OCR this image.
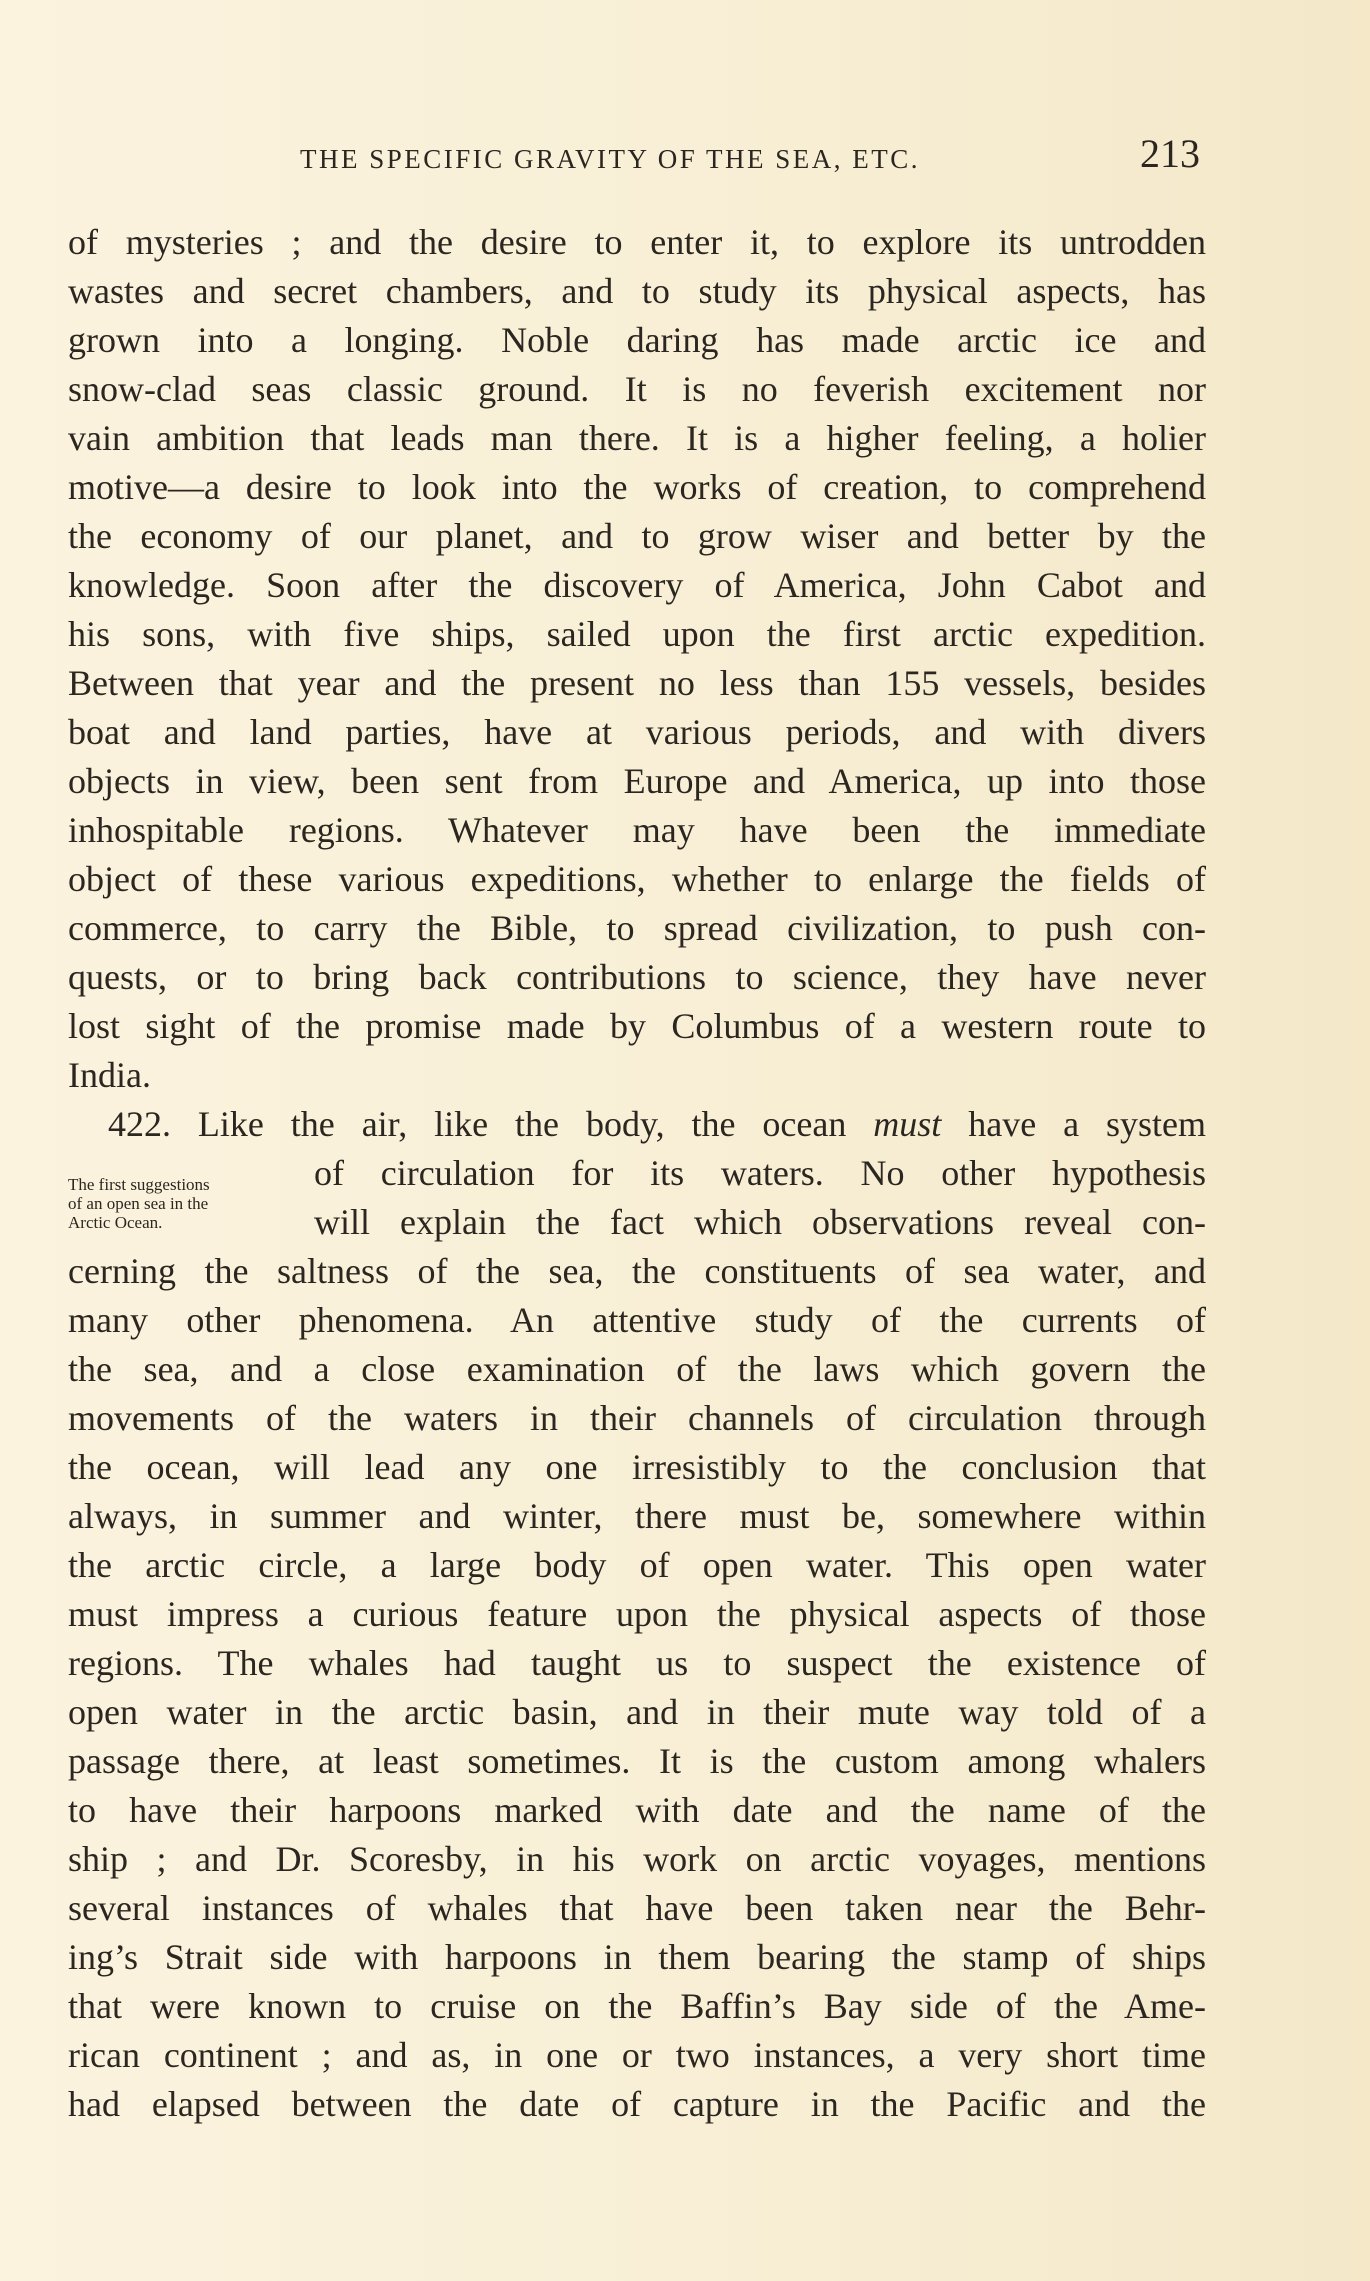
THE SPECIFIC GRAVITY OF THE SEA, ETC.	213
of mysteries ; and the desire to enter it, to explore its untrodden
wastes and secret chambers, and to study its physical aspects, has
grown into a longing. Noble daring has made arctic ice and
snow-clad seas classic ground. It is no feverish excitement nor
vain ambition that leads man there. It is a higher feeling, a holier
motive—a desire to look into the works of creation, to comprehend
the economy of our planet, and to grow wiser and better by the
knowledge. Soon after the discovery of America, John Cabot and
his sons, with five ships, sailed upon the first arctic expedition.
Between that year and the present no less than 155 vessels, besides
boat and land parties, have at various periods, and with divers
objects in view, been sent from Europe and America, up into those
inhospitable regions. Whatever may have been the immediate
object of these various expeditions, whether to enlarge the fields of
commerce, to carry the Bible, to spread civilization, to push con-
quests, or to bring back contributions to science, they have never
lost sight of the promise made by Columbus of a western route to
India.
422. Like the air, like the body, the ocean must have a system
of circulation for its waters. No other hypothesis
will explain the fact which observations reveal con-
cerning the saltness of the sea, the constituents of sea water, and
many other phenomena. An attentive study of the currents of
the sea, and a close examination of the laws which govern the
movements of the waters in their channels of circulation through
the ocean, will lead any one irresistibly to the conclusion that
always, in summer and winter, there must be, somewhere within
the arctic circle, a large body of open water. This open water
must impress a curious feature upon the physical aspects of those
regions. The whales had taught us to suspect the existence of
open water in the arctic basin, and in their mute way told of a
passage there, at least sometimes. It is the custom among whalers
to have their harpoons marked with date and the name of the
ship ; and Dr. Scoresby, in his work on arctic voyages, mentions
several instances of whales that have been taken near the Behr-
ing’s Strait side with harpoons in them bearing the stamp of ships
that were known to cruise on the Baffin’s Bay side of the Ame-
rican continent ; and as, in one or two instances, a very short time
had elapsed between the date of capture in the Pacific and the
The first suggestions
of an open sea in the
Arctic Ocean.
